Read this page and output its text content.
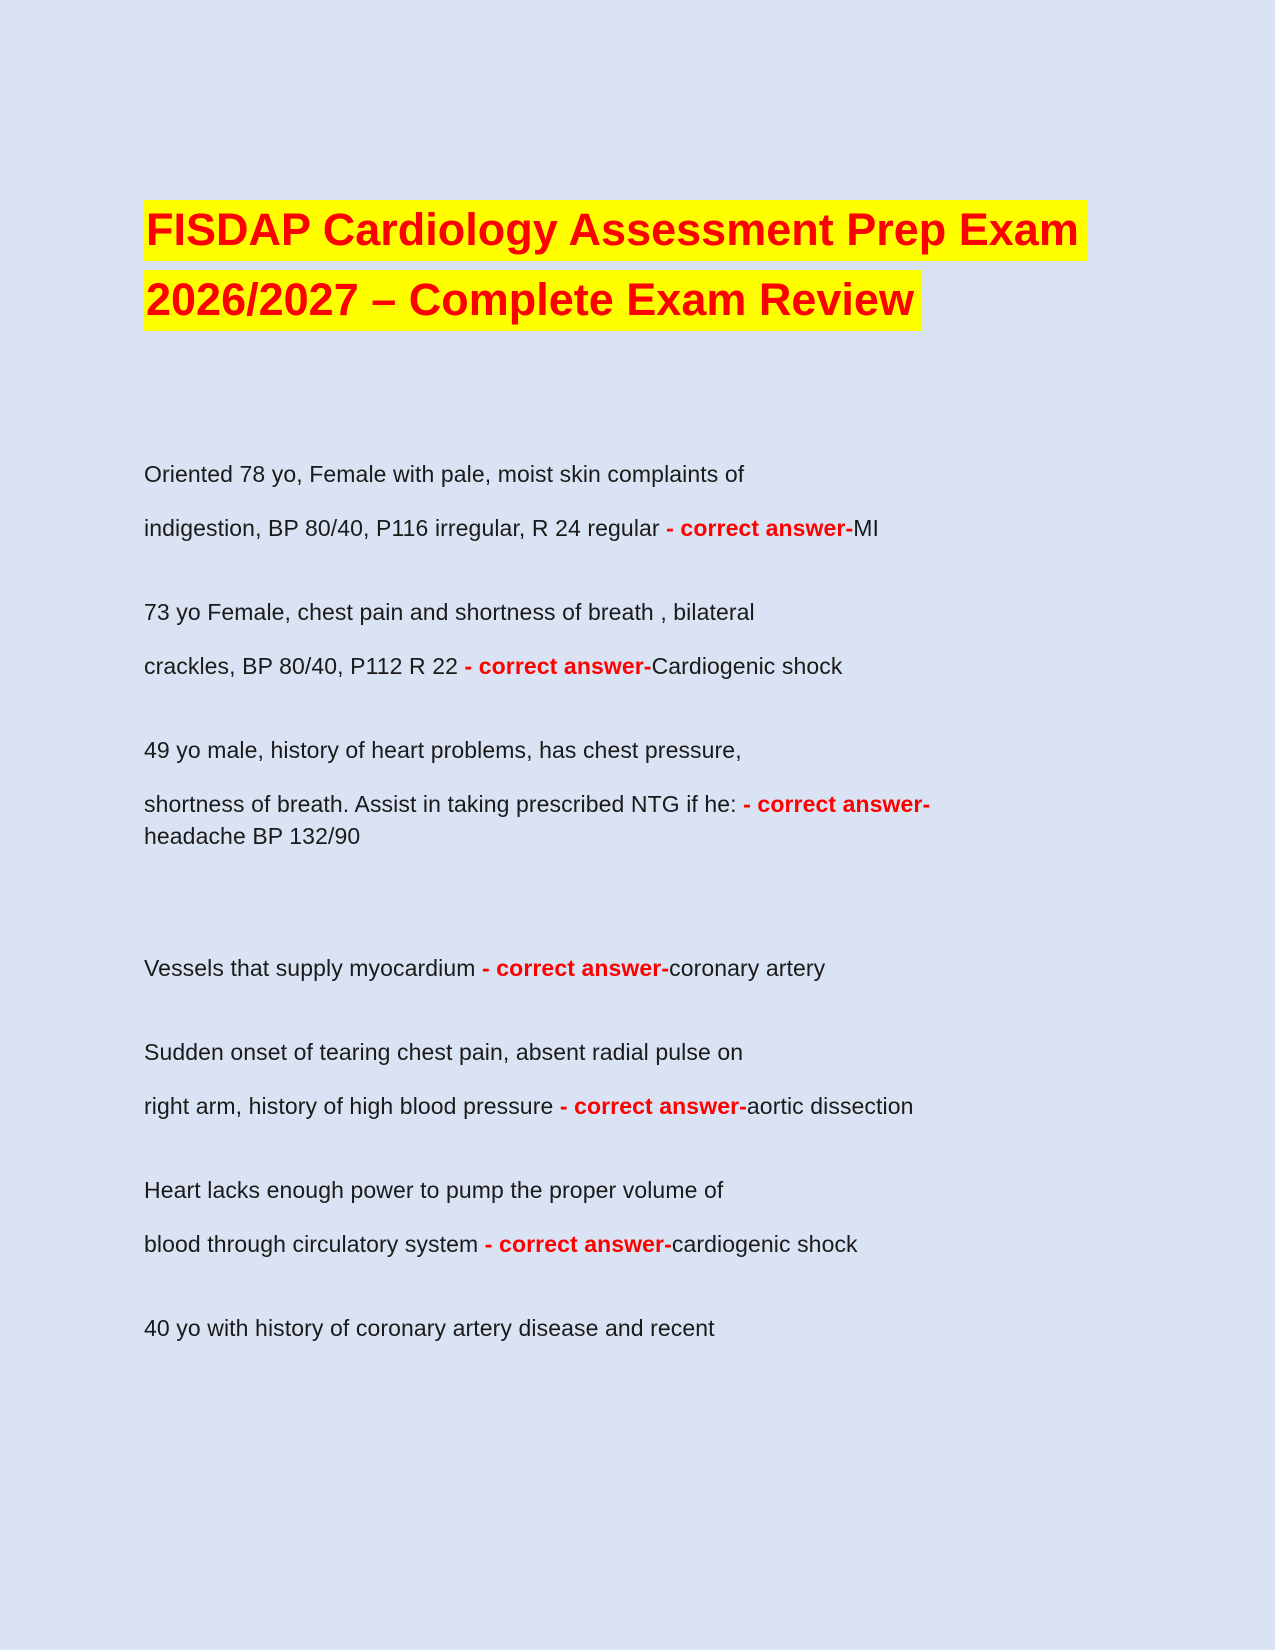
FISDAP Cardiology Assessment Prep Exam
2026/2027 – Complete Exam Review
Oriented 78 yo, Female with pale, moist skin complaints of
indigestion, BP 80/40, P116 irregular, R 24 regular - correct answer-MI
73 yo Female, chest pain and shortness of breath , bilateral
crackles, BP 80/40, P112 R 22 - correct answer-Cardiogenic shock
49 yo male, history of heart problems, has chest pressure,
shortness of breath. Assist in taking prescribed NTG if he: - correct answer-
headache BP 132/90
Vessels that supply myocardium - correct answer-coronary artery
Sudden onset of tearing chest pain, absent radial pulse on
right arm, history of high blood pressure - correct answer-aortic dissection
Heart lacks enough power to pump the proper volume of
blood through circulatory system - correct answer-cardiogenic shock
40 yo with history of coronary artery disease and recent
